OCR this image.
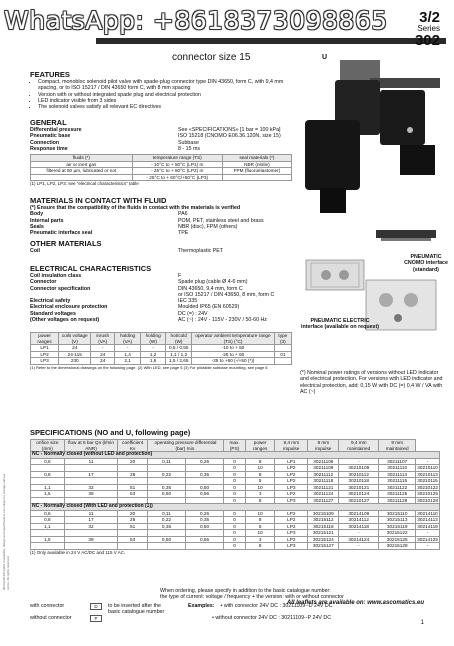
WhatsApp: +8618373098865 3/2
Series
302
connector size 15	U
PNEUMATIC CNOMO interface (standard)
PNEUMATIC ELECTRIC interface (available on request)
FEATURES
• Compact, monobloc solenoid pilot valve with spade-plug connector type DIN 43650, form C, with 9,4 mm spacing, or to ISO 15217 / DIN 43650 form C, with 8 mm spacing
• Version with or without integrated spade plug and electrical protection
• LED indicator visible from 3 sides
• The solenoid valves satisfy all relevant EC directives
GENERAL
Differential pressure	See «SPECIFICATIONS» [1 bar = 100 kPa]
Pneumatic base	ISO 15218 (CNOMO E06.36.120N, size 15)
Connection	Subbase
Response time	8 - 15 ms
fluids (*)	temperature range (TS)	seal materials (*)
air or inert gas	- 10°C to + 50°C (LP1) m	NBR (nitrile)
filtered at 50 µm, lubricated or not	- 25°C to + 60°C (LP2) m	FPM (fluoroelastomer)
	- 25°C to + 60°C/+50°C (LP3)	
(1) LP1, LP2, LP3: see "electrical characteristics" table
MATERIALS IN CONTACT WITH FLUID
(*) Ensure that the compatibility of the fluids in contact with the materials is verified
Body	PA6
Internal parts	POM, PET, stainless steel and brass
Seals	NBR (disc), FPM (others)
Pneumatic interface seal	TPE
OTHER MATERIALS
Coil	Thermoplastic PET
ELECTRICAL CHARACTERISTICS
Coil insulation class	F
Connector	Spade plug (cable Ø 4-6 mm)
Connector specification	DIN 43650, 9,4 mm, form C
or ISO 15217 / DIN 43650, 8 mm, form C
Electrical safety	IEC 335
Electrical enclosure protection	Moulded IP65 (EN 60529)
Standard voltages	DC (=) : 24V
(Other voltages on request)	AC (~) : 24V - 115V - 230V / 50-60 Hz
power ranges	coils voltage (V)	inrush (VA)	holding (VA)	holding (W)	hot/cold (W)	operator ambient temperature range (TS) (°C)	type (3)
LP1	24	-	-	-	0,5 / 0,55	-10 to + 50	
LP2	24-115	24	1,4	1,2	1,1 / 1,2	-25 to + 60	01
LP3	230	24	2,1	1,6	1,5 / 2,65	-25 to +60 (-/+50 (*))	
(1) Refer to the dimensional drawings on the following page. (2) With LED, see page 6 (3) For pilotable subbase mounting, see page 6
(*) Nominal power ratings of versions without LED indicator and electrical protection. For versions with LED indicator and electrical protection, add: 0,15 W with DC (=) 0,4 W / VA with AC (~)
SPECIFICATIONS (NO and U, following page)
orifice size (mm)	flow at 6 bar Qn (l/min ANR)	coefficient Kv	operating pressure differential (bar) min.		max. (PS)	power ranges	9,4 mm impulse	8 mm impulse	9,4 mm maintained	8 mm maintained	
NC - Normally closed (without LED and protection)											
0,6	11	20	0,11	0,26	0	8	LP1	30211106	-	30211107	-
					0	10	LP2	30211109	30210109	30211110	30210110
0,8	17	28	0,22	0,35	0	8	LP2	30211112	30210112	30211113	30210113
					0	5	LP2	30211118	30210118	30211115	30210115
1,1	32	51	0,35	0,50	0	10	LP3	30211121	30210121	30211122	30210122
1,5	39	53	0,50	0,56	0	3	LP2	30211124	30210124	30211125	30210125
					0	8	LP3	30211127	30210127	30211128	30210128
NC - Normally closed (With LED and protection (1))											
0,6	11	20	0,11	0,26	0	10	LP2	30215109	30214109	30215110	30214110
0,8	17	28	0,22	0,35	0	8	LP2	30215112	30214112	30215113	30214113
1,1	32	51	0,35	0,50	0	5	LP2	30215118	30214118	30215119	30214119
					0	10	LP3	30215121	-	30215122	-
1,5	39	53	0,50	0,56	0	3	LP2	30215124	30214124	30215125	30214125
					0	8	LP3	30215127	-	30215128	-
(1) Only available in 24 V AC/DC and 115 V AC.
When ordering, please specify in addition to the basic catalogue number:
the type of current: voltage / frequency + the version: with or without connector
with connector	D	to be inserted after the basic catalogue number
Examples: • with connector 24V DC : 30211109--D 24V DC
without connector	P	• without connector 24V DC : 30211109--P 24V DC
All leaflets are available on: www.ascomatics.eu
1
00161GB-2011/R01 Availability, design and specifications are subject to change without notice. All rights reserved.
